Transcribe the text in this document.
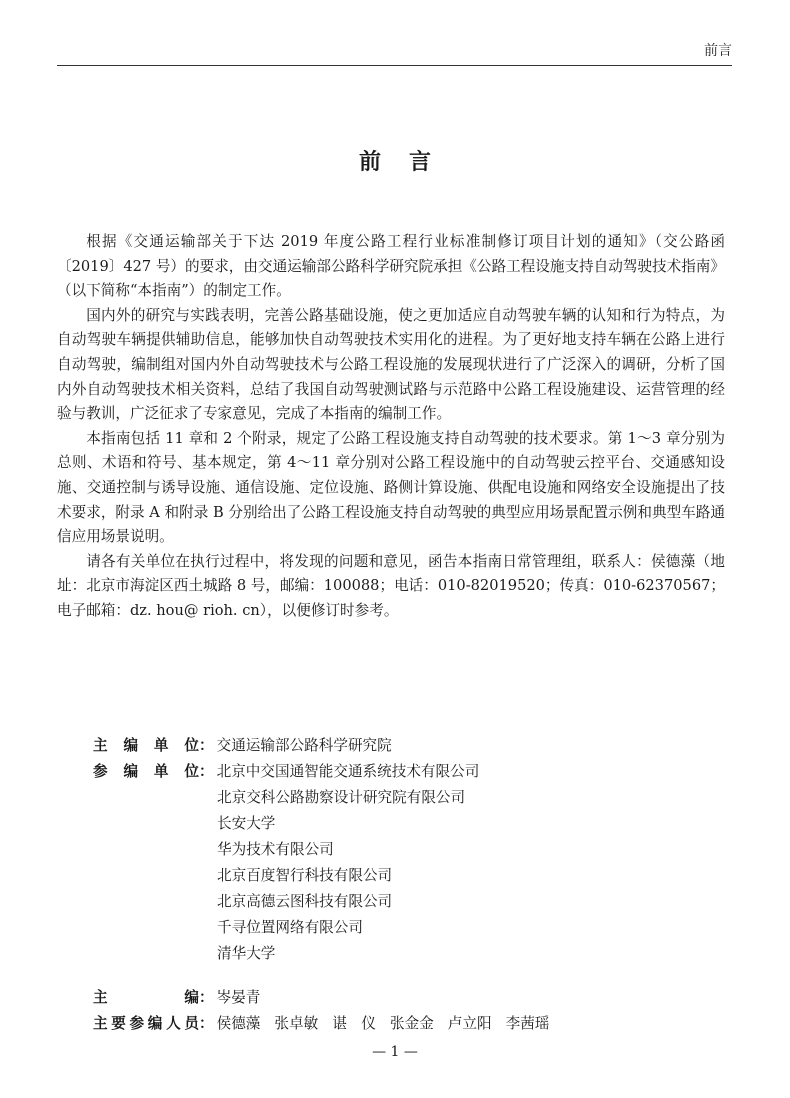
前言
前言

根据《交通运输部关于下达 2019 年度公路工程行业标准制修订项目计划的通知》（交公路函〔2019〕427 号）的要求，由交通运输部公路科学研究院承担《公路工程设施支持自动驾驶技术指南》（以下简称“本指南”）的制定工作。

国内外的研究与实践表明，完善公路基础设施，使之更加适应自动驾驶车辆的认知和行为特点，为自动驾驶车辆提供辅助信息，能够加快自动驾驶技术实用化的进程。为了更好地支持车辆在公路上进行自动驾驶，编制组对国内外自动驾驶技术与公路工程设施的发展现状进行了广泛深入的调研，分析了国内外自动驾驶技术相关资料，总结了我国自动驾驶测试路与示范路中公路工程设施建设、运营管理的经验与教训，广泛征求了专家意见，完成了本指南的编制工作。

本指南包括 11 章和 2 个附录，规定了公路工程设施支持自动驾驶的技术要求。第 1～3 章分别为总则、术语和符号、基本规定，第 4～11 章分别对公路工程设施中的自动驾驶云控平台、交通感知设施、交通控制与诱导设施、通信设施、定位设施、路侧计算设施、供配电设施和网络安全设施提出了技术要求，附录 A 和附录 B 分别给出了公路工程设施支持自动驾驶的典型应用场景配置示例和典型车路通信应用场景说明。

请各有关单位在执行过程中，将发现的问题和意见，函告本指南日常管理组，联系人：侯德藻（地址：北京市海淀区西土城路 8 号，邮编：100088；电话：010-82019520；传真：010-62370567；电子邮箱：dz. hou@ rioh. cn），以便修订时参考。

主 编 单 位 ： 交通运输部公路科学研究院
参 编 单 位 ： 北京中交国通智能交通系统技术有限公司
北京交科公路勘察设计研究院有限公司
长安大学
华为技术有限公司
北京百度智行科技有限公司
北京高德云图科技有限公司
千寻位置网络有限公司
清华大学
主	编 ： 岑晏青
主 要 参 编 人 员 ： 侯德藻 张卓敏 谌　仪 张金金 卢立阳 李茜瑶
— 1 —
